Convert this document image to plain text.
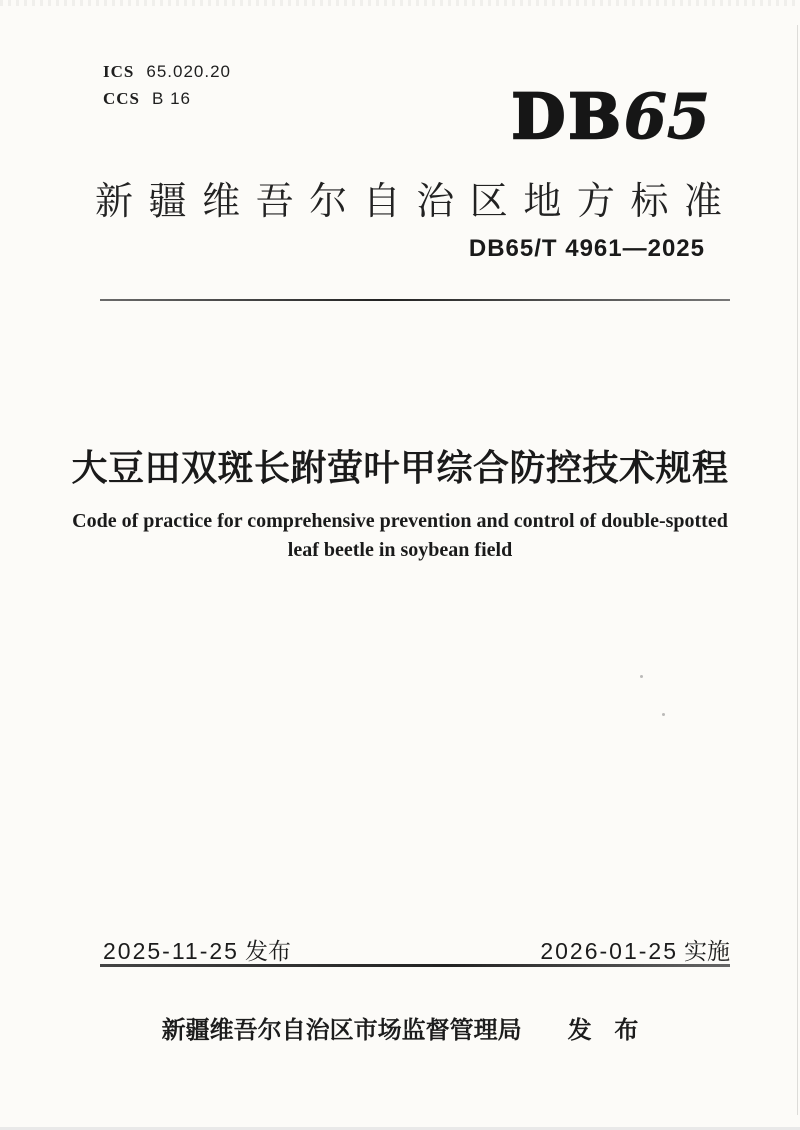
ICS 65.020.20
CCS B 16	DB65
新疆维吾尔自治区地方标准
DB65/T 4961—2025
大豆田双斑长跗萤叶甲综合防控技术规程
Code of practice for comprehensive prevention and control of double-spotted
leaf beetle in soybean field
2025-11-25 发布	2026-01-25 实施
新疆维吾尔自治区市场监督管理局 发 布
